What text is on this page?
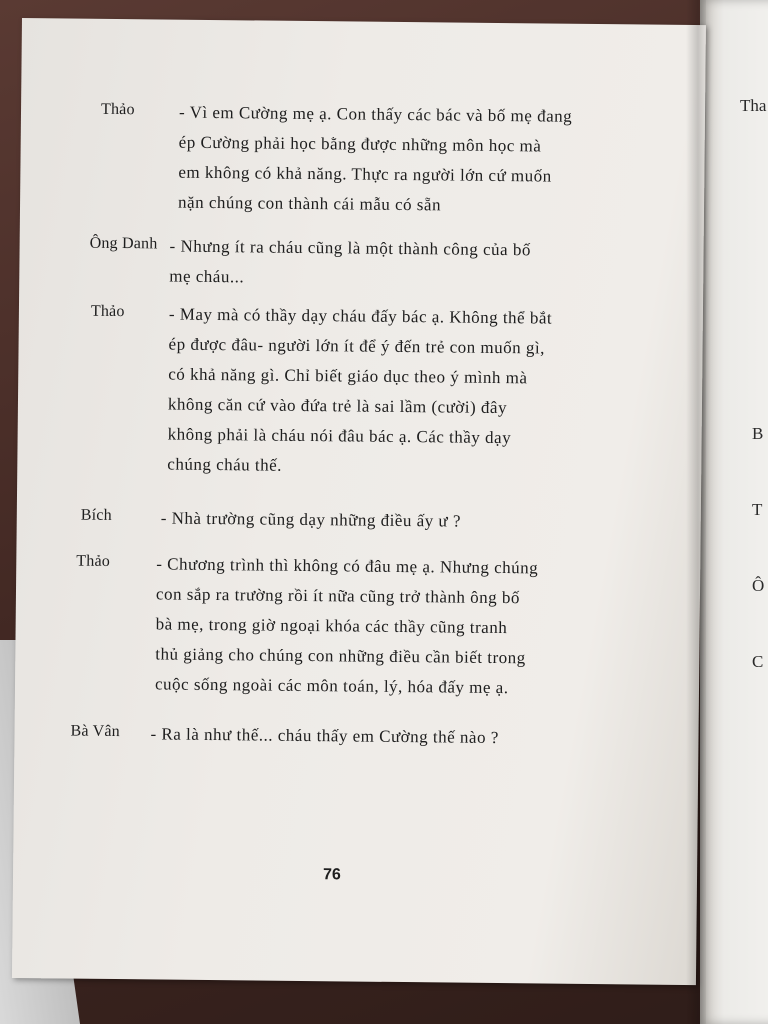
Tha
B
T
Ô
C
Thảo	- Vì em Cường mẹ ạ. Con thấy các bác và bố mẹ đang
ép Cường phải học bằng được những môn học mà
em không có khả năng. Thực ra người lớn cứ muốn
nặn chúng con thành cái mẫu có sẵn
Ông Danh - Nhưng ít ra cháu cũng là một thành công của bố
mẹ cháu...
Thảo	- May mà có thầy dạy cháu đấy bác ạ. Không thể bắt
ép được đâu- người lớn ít để ý đến trẻ con muốn gì,
có khả năng gì. Chỉ biết giáo dục theo ý mình mà
không căn cứ vào đứa trẻ là sai lầm (cười) đây
không phải là cháu nói đâu bác ạ. Các thầy dạy
chúng cháu thế.
Bích	- Nhà trường cũng dạy những điều ấy ư ?
Thảo	- Chương trình thì không có đâu mẹ ạ. Nhưng chúng
con sắp ra trường rồi ít nữa cũng trở thành ông bố
bà mẹ, trong giờ ngoại khóa các thầy cũng tranh
thủ giảng cho chúng con những điều cần biết trong
cuộc sống ngoài các môn toán, lý, hóa đấy mẹ ạ.
Bà Vân - Ra là như thế... cháu thấy em Cường thế nào ?
76
